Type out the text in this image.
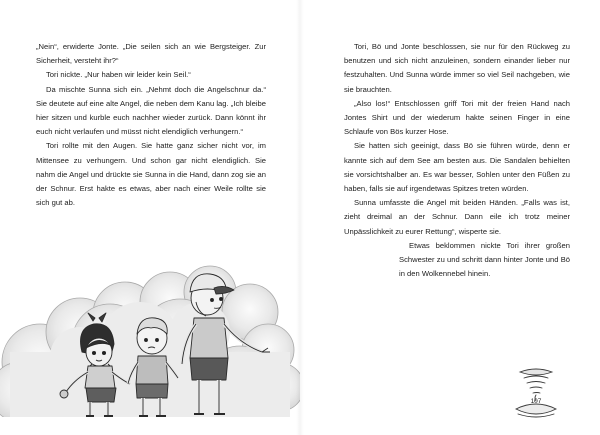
„Nein“, erwiderte Jonte. „Die seilen sich an wie Bergsteiger. Zur Sicherheit, versteht ihr?“

Tori nickte. „Nur haben wir leider kein Seil.“

Da mischte Sunna sich ein. „Nehmt doch die Angelschnur da.“ Sie deutete auf eine alte Angel, die neben dem Kanu lag. „Ich bleibe hier sitzen und kurble euch nachher wieder zurück. Dann könnt ihr euch nicht verlaufen und müsst nicht elendiglich verhungern.“

Tori rollte mit den Augen. Sie hatte ganz sicher nicht vor, im Mittensee zu verhungern. Und schon gar nicht elendiglich. Sie nahm die Angel und drückte sie Sunna in die Hand, dann zog sie an der Schnur. Erst hakte es etwas, aber nach einer Weile rollte sie sich gut ab.

Tori, Bö und Jonte beschlossen, sie nur für den Rückweg zu benutzen und sich nicht anzuleinen, sondern einander lieber nur festzuhalten. Und Sunna würde immer so viel Seil nachgeben, wie sie brauchten.

„Also los!“ Entschlossen griff Tori mit der freien Hand nach Jontes Shirt und der wiederum hakte seinen Finger in eine Schlaufe von Bös kurzer Hose.

Sie hatten sich geeinigt, dass Bö sie führen würde, denn er kannte sich auf dem See am besten aus. Die Sandalen behielten sie vorsichtshalber an. Es war besser, Sohlen unter den Füßen zu haben, falls sie auf irgendetwas Spitzes treten würden.

Sunna umfasste die Angel mit beiden Händen. „Falls was ist, zieht dreimal an der Schnur. Dann eile ich trotz meiner Unpässlichkeit zu eurer Rettung“, wisperte sie.

Etwas beklommen nickte Tori ihrer großen Schwester zu und schritt dann hinter Jonte und Bö in den Wolkennebel hinein.

107
